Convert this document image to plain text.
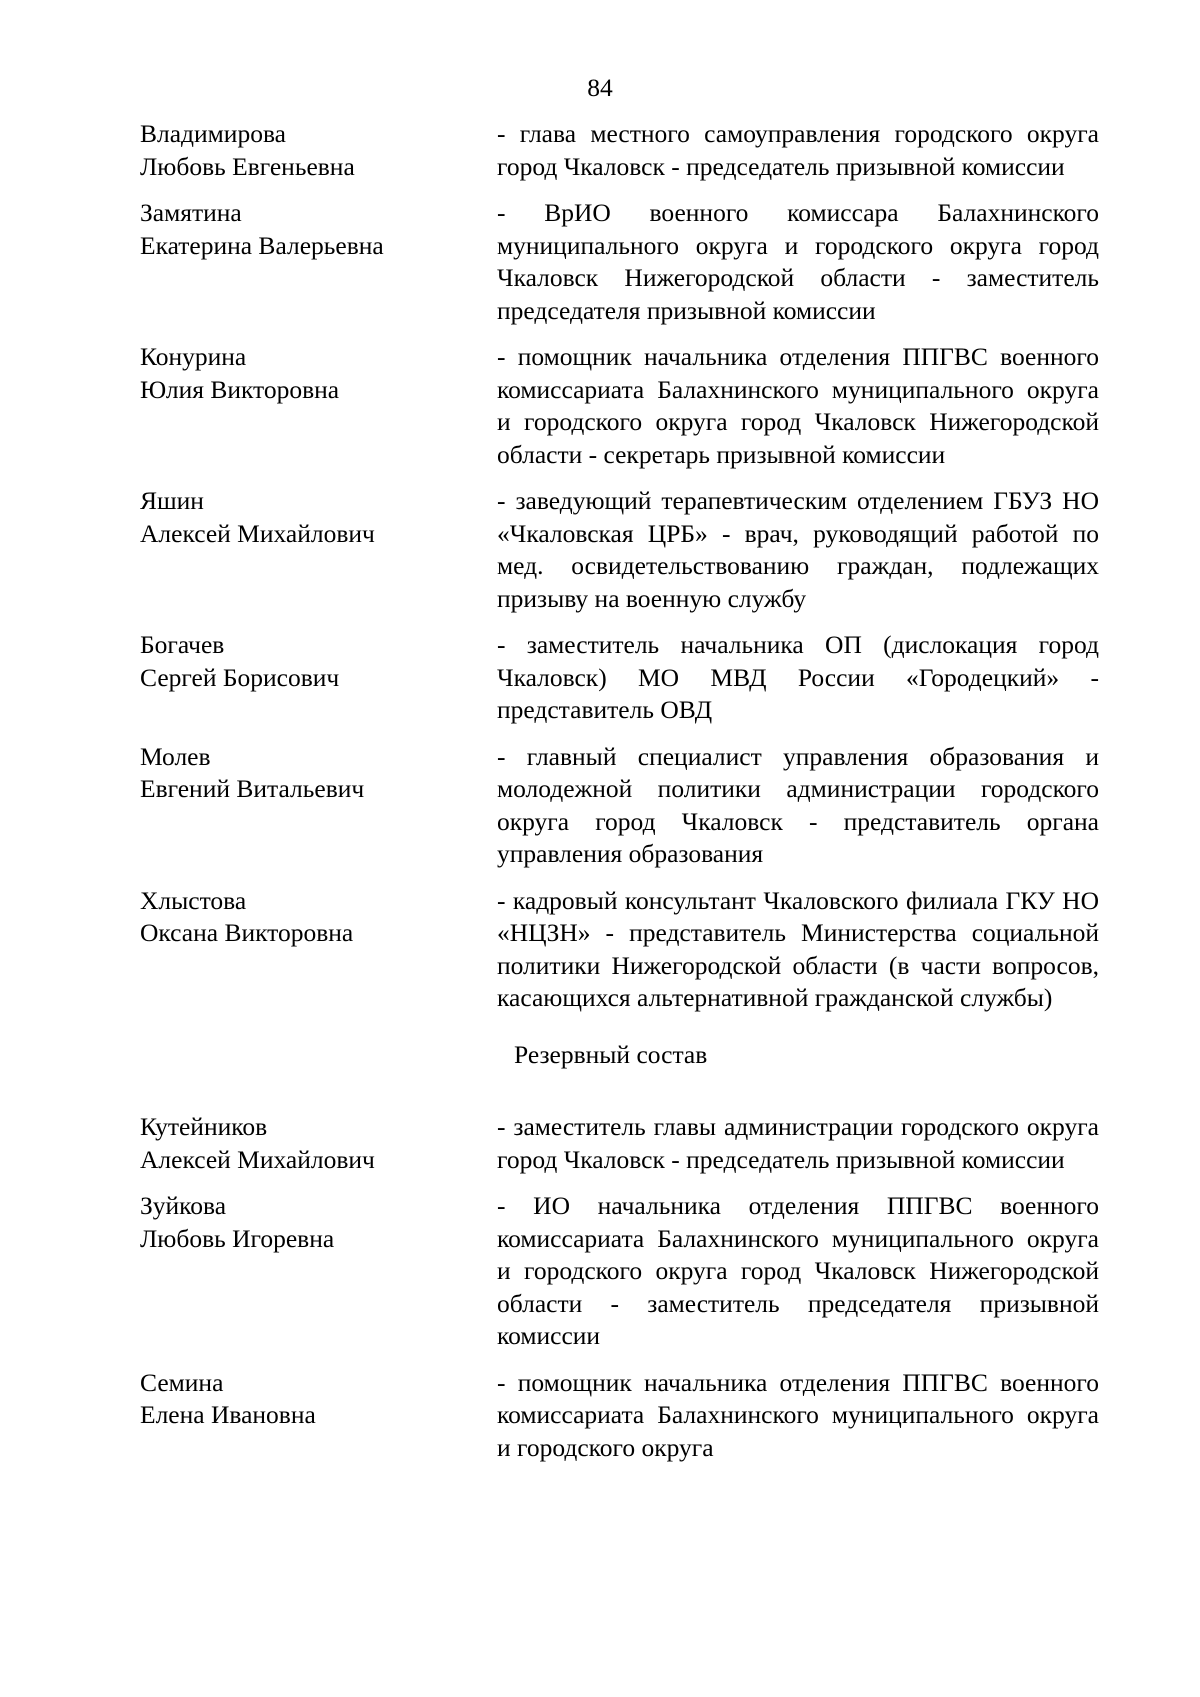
84
Владимирова
Любовь Евгеньевна
- глава местного самоуправления городского округа город Чкаловск - председатель призывной комиссии
Замятина
Екатерина Валерьевна
- ВрИО военного комиссара Балахнинского муниципального округа и городского округа город Чкаловск Нижегородской области - заместитель председателя призывной комиссии
Конурина
Юлия Викторовна
- помощник начальника отделения ППГВС военного комиссариата Балахнинского муниципального округа и городского округа город Чкаловск Нижегородской области - секретарь призывной комиссии
Яшин
Алексей Михайлович
- заведующий терапевтическим отделением ГБУЗ НО «Чкаловская ЦРБ» - врач, руководящий работой по мед. освидетельствованию граждан, подлежащих призыву на военную службу
Богачев
Сергей Борисович
- заместитель начальника ОП (дислокация город Чкаловск) МО МВД России «Городецкий» - представитель ОВД
Молев
Евгений Витальевич
- главный специалист управления образования и молодежной политики администрации городского округа город Чкаловск - представитель органа управления образования
Хлыстова
Оксана Викторовна
- кадровый консультант Чкаловского филиала ГКУ НО «НЦЗН» - представитель Министерства социальной политики Нижегородской области (в части вопросов, касающихся альтернативной гражданской службы)
Резервный состав
Кутейников
Алексей Михайлович
- заместитель главы администрации городского округа город Чкаловск - председатель призывной комиссии
Зуйкова
Любовь Игоревна
- ИО начальника отделения ППГВС военного комиссариата Балахнинского муниципального округа и городского округа город Чкаловск Нижегородской области - заместитель председателя призывной комиссии
Семина
Елена Ивановна
- помощник начальника отделения ППГВС военного комиссариата Балахнинского муниципального округа и городского округа
